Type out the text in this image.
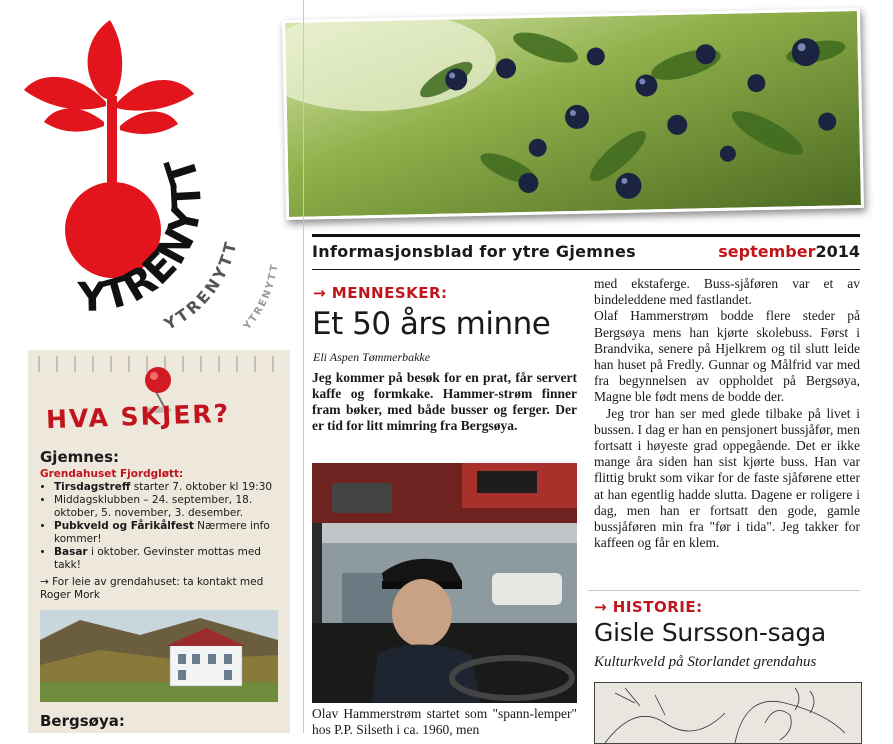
YTRENYTT
YTRENYTT
YTRENYTT
Informasjonsblad for ytre Gjemnes	september2014
HVA SKJER?
Gjemnes:
Grendahuset Fjordgløtt:
• Tirsdagstreff starter 7. oktober kl 19:30
• Middagsklubben – 24. september, 18. oktober, 5. november, 3. desember.
• Pubkveld og Fårikålfest Nærmere info kommer!
• Basar i oktober. Gevinster mottas med takk!
→ For leie av grendahuset: ta kontakt med Roger Mork
Bergsøya:
→ MENNESKER:
Et 50 års minne
Eli Aspen Tømmerbakke
Jeg kommer på besøk for en prat, får servert kaffe og formkake. Hammer-strøm finner fram bøker, med både busser og ferger. Der er tid for litt mimring fra Bergsøya.
Olav Hammerstrøm startet som "spann-lemper" hos P.P. Silseth i ca. 1960, men

med ekstaferge. Buss-sjåføren var et av bindeleddene med fastlandet.

Olaf Hammerstrøm bodde flere steder på Bergsøya mens han kjørte skolebuss. Først i Brandvika, senere på Hjelkrem og til slutt leide han huset på Fredly. Gunnar og Målfrid var med fra begynnelsen av oppholdet på Bergsøya, Magne ble født mens de bodde der.

Jeg tror han ser med glede tilbake på livet i bussen. I dag er han en pensjonert bussjåfør, men fortsatt i høyeste grad oppegående. Det er ikke mange åra siden han sist kjørte buss. Han var flittig brukt som vikar for de faste sjåførene etter at han egentlig hadde slutta. Dagene er roligere i dag, men han er fortsatt den gode, gamle bussjåføren min fra "før i tida". Jeg takker for kaffeen og får en klem.

→ HISTORIE:
Gisle Sursson-saga
Kulturkveld på Storlandet grendahus
